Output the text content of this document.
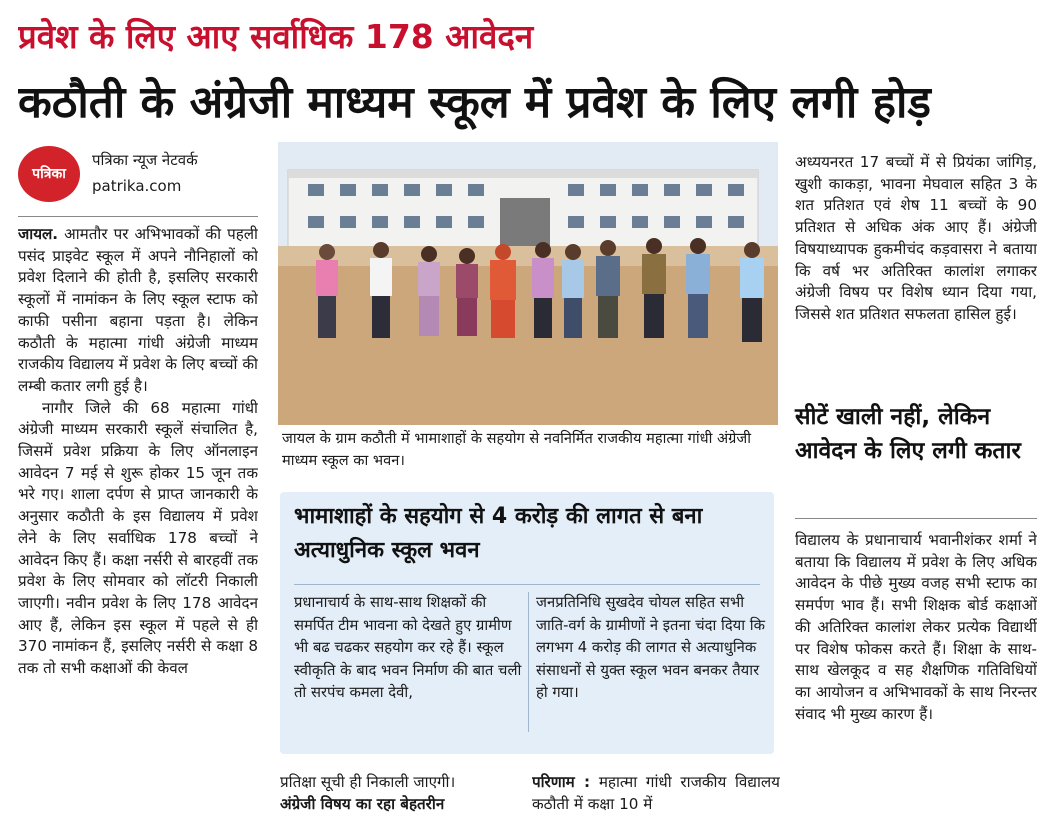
प्रवेश के लिए आए सर्वाधिक 178 आवेदन
कठौती के अंग्रेजी माध्यम स्कूल में प्रवेश के लिए लगी होड़
पत्रिका
पत्रिका न्यूज नेटवर्क
patrika.com

जायल. आमतौर पर अभिभावकों की पहली पसंद प्राइवेट स्कूल में अपने नौनिहालों को प्रवेश दिलाने की होती है, इसलिए सरकारी स्कूलों में नामांकन के लिए स्कूल स्टाफ को काफी पसीना बहाना पड़ता है। लेकिन कठौती के महात्मा गांधी अंग्रेजी माध्यम राजकीय विद्यालय में प्रवेश के लिए बच्चों की लम्बी कतार लगी हुई है।

नागौर जिले की 68 महात्मा गांधी अंग्रेजी माध्यम सरकारी स्कूलें संचालित है, जिसमें प्रवेश प्रक्रिया के लिए ऑनलाइन आवेदन 7 मई से शुरू होकर 15 जून तक भरे गए। शाला दर्पण से प्राप्त जानकारी के अनुसार कठौती के इस विद्यालय में प्रवेश लेने के लिए सर्वाधिक 178 बच्चों ने आवेदन किए हैं। कक्षा नर्सरी से बारहवीं तक प्रवेश के लिए सोमवार को लॉटरी निकाली जाएगी। नवीन प्रवेश के लिए 178 आवेदन आए हैं, लेकिन इस स्कूल में पहले से ही 370 नामांकन हैं, इसलिए नर्सरी से कक्षा 8 तक तो सभी कक्षाओं की केवल

जायल के ग्राम कठौती में भामाशाहों के सहयोग से नवनिर्मित राजकीय महात्मा गांधी अंग्रेजी माध्यम स्कूल का भवन।
भामाशाहों के सहयोग से 4 करोड़ की लागत से बना अत्याधुनिक स्कूल भवन
प्रधानाचार्य के साथ-साथ शिक्षकों की समर्पित टीम भावना को देखते हुए ग्रामीण भी बढ चढकर सहयोग कर रहे हैं। स्कूल स्वीकृति के बाद भवन निर्माण की बात चली तो सरपंच कमला देवी,
जनप्रतिनिधि सुखदेव चोयल सहित सभी जाति-वर्ग के ग्रामीणों ने इतना चंदा दिया कि लगभग 4 करोड़ की लागत से अत्याधुनिक संसाधनों से युक्त स्कूल भवन बनकर तैयार हो गया।

प्रतिक्षा सूची ही निकाली जाएगी।

अंग्रेजी विषय का रहा बेहतरीन

परिणाम : महात्मा गांधी राजकीय विद्यालय कठौती में कक्षा 10 में

अध्ययनरत 17 बच्चों में से प्रियंका जांगिड़, खुशी काकड़ा, भावना मेघवाल सहित 3 के शत प्रतिशत एवं शेष 11 बच्चों के 90 प्रतिशत से अधिक अंक आए हैं। अंग्रेजी विषयाध्यापक हुकमीचंद कड़वासरा ने बताया कि वर्ष भर अतिरिक्त कालांश लगाकर अंग्रेजी विषय पर विशेष ध्यान दिया गया, जिससे शत प्रतिशत सफलता हासिल हुई।

सीटें खाली नहीं, लेकिन आवेदन के लिए लगी कतार

विद्यालय के प्रधानाचार्य भवानीशंकर शर्मा ने बताया कि विद्यालय में प्रवेश के लिए अधिक आवेदन के पीछे मुख्य वजह सभी स्टाफ का समर्पण भाव हैं। सभी शिक्षक बोर्ड कक्षाओं की अतिरिक्त कालांश लेकर प्रत्येक विद्यार्थी पर विशेष फोकस करते हैं। शिक्षा के साथ-साथ खेलकूद व सह शैक्षणिक गतिविधियों का आयोजन व अभिभावकों के साथ निरन्तर संवाद भी मुख्य कारण हैं।
